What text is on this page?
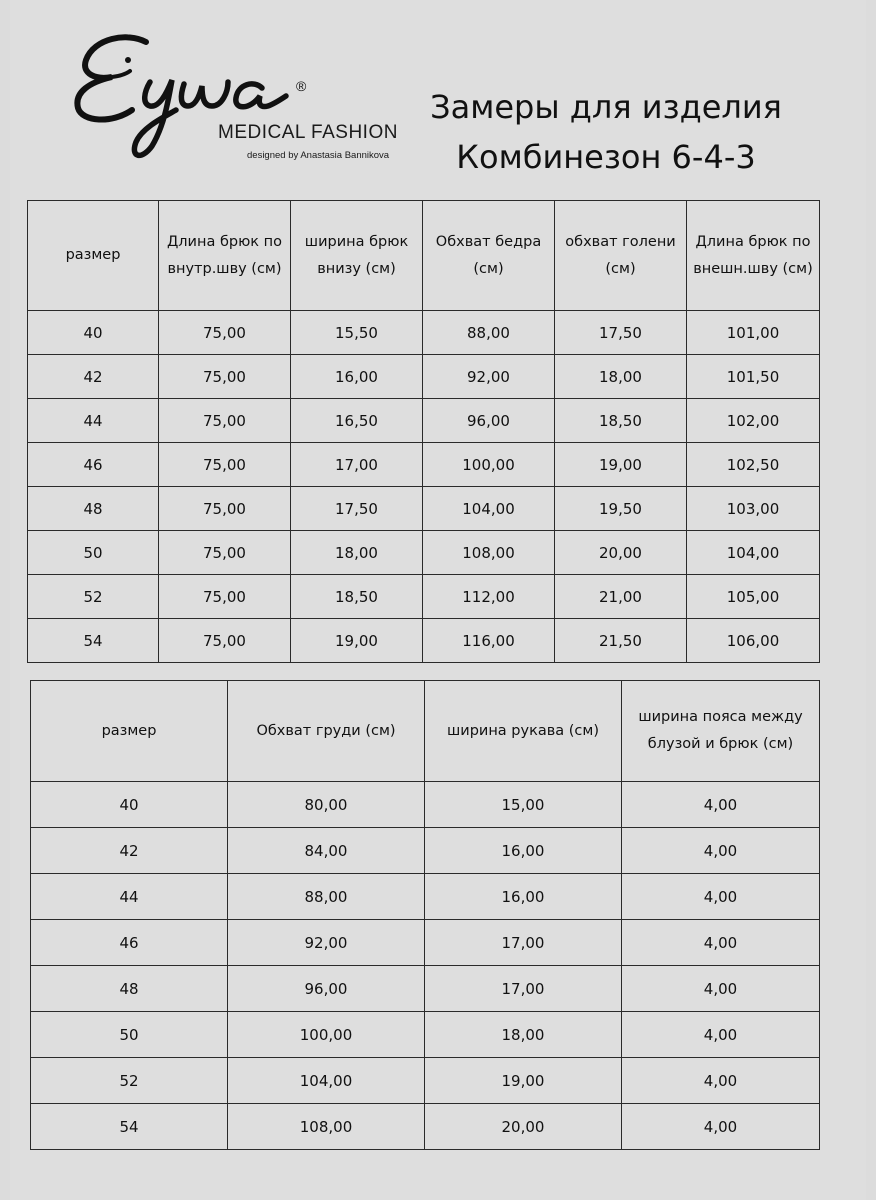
®
MEDICAL FASHION
designed by Anastasia Bannikova
Замеры для изделия
Комбинезон 6-4-3
размер	Длина брюк по внутр.шву (см)	ширина брюк внизу (см)	Обхват бедра (см)	обхват голени (см)	Длина брюк по внешн.шву (см)
40	75,00	15,50	88,00	17,50	101,00
42	75,00	16,00	92,00	18,00	101,50
44	75,00	16,50	96,00	18,50	102,00
46	75,00	17,00	100,00	19,00	102,50
48	75,00	17,50	104,00	19,50	103,00
50	75,00	18,00	108,00	20,00	104,00
52	75,00	18,50	112,00	21,00	105,00
54	75,00	19,00	116,00	21,50	106,00
размер	Обхват груди (см)	ширина рукава (см)	ширина пояса между блузой и брюк (см)
40	80,00	15,00	4,00
42	84,00	16,00	4,00
44	88,00	16,00	4,00
46	92,00	17,00	4,00
48	96,00	17,00	4,00
50	100,00	18,00	4,00
52	104,00	19,00	4,00
54	108,00	20,00	4,00
